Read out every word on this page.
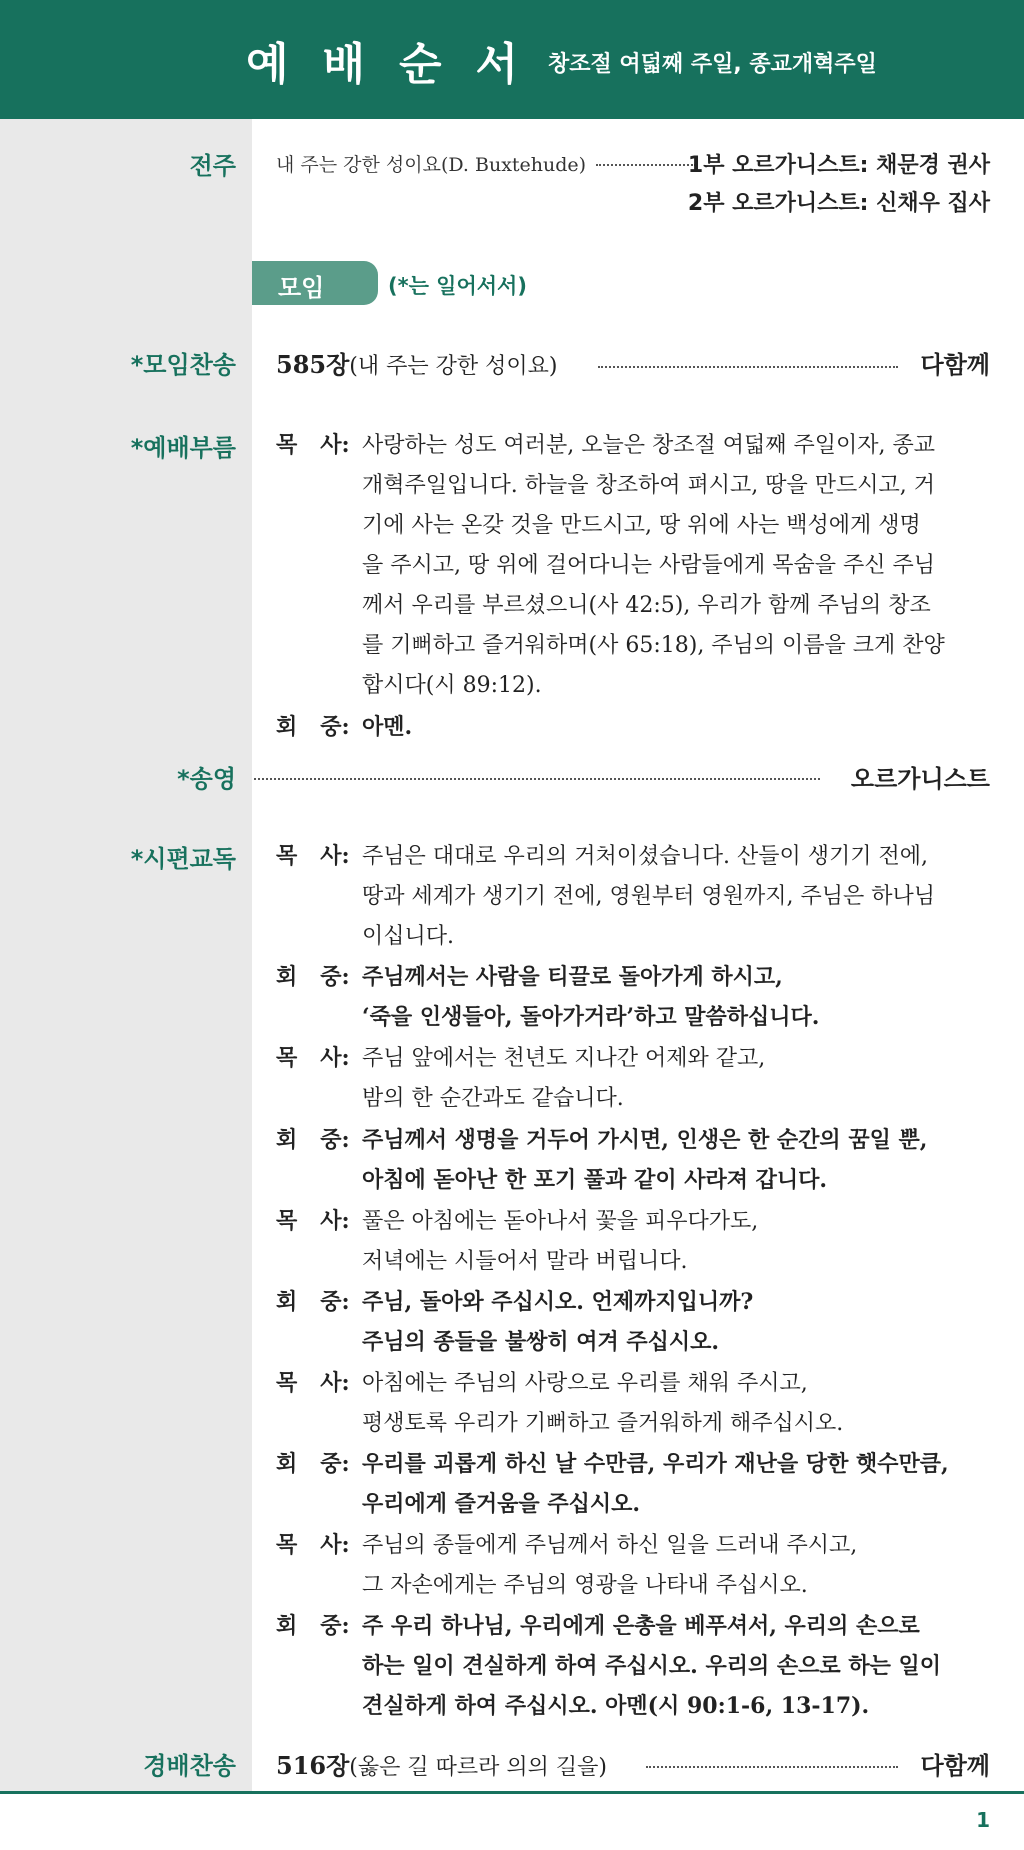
예배순서
창조절 여덟째 주일, 종교개혁주일
전주 내 주는 강한 성이요(D. Buxtehude)	1부 오르가니스트: 채문경 권사
2부 오르가니스트: 신채우 집사
모임	(*는 일어서서)
*모임찬송 585장(내 주는 강한 성이요)	다함께
*예배부름 목   사: 사랑하는 성도 여러분, 오늘은 창조절 여덟째 주일이자, 종교
개혁주일입니다. 하늘을 창조하여 펴시고, 땅을 만드시고, 거
기에 사는 온갖 것을 만드시고, 땅 위에 사는 백성에게 생명
을 주시고, 땅 위에 걸어다니는 사람들에게 목숨을 주신 주님
께서 우리를 부르셨으니(사 42:5), 우리가 함께 주님의 창조
를 기뻐하고 즐거워하며(사 65:18), 주님의 이름을 크게 찬양
합시다(시 89:12).
회   중: 아멘.
*송영	오르가니스트
*시편교독 목   사: 주님은 대대로 우리의 거처이셨습니다. 산들이 생기기 전에,
땅과 세계가 생기기 전에, 영원부터 영원까지, 주님은 하나님
이십니다.
회   중: 주님께서는 사람을 티끌로 돌아가게 하시고,
‘죽을 인생들아, 돌아가거라’하고 말씀하십니다.
목   사: 주님 앞에서는 천년도 지나간 어제와 같고,
밤의 한 순간과도 같습니다.
회   중: 주님께서 생명을 거두어 가시면, 인생은 한 순간의 꿈일 뿐,
아침에 돋아난 한 포기 풀과 같이 사라져 갑니다.
목   사: 풀은 아침에는 돋아나서 꽃을 피우다가도,
저녁에는 시들어서 말라 버립니다.
회   중: 주님, 돌아와 주십시오. 언제까지입니까?
주님의 종들을 불쌍히 여겨 주십시오.
목   사: 아침에는 주님의 사랑으로 우리를 채워 주시고,
평생토록 우리가 기뻐하고 즐거워하게 해주십시오.
회   중: 우리를 괴롭게 하신 날 수만큼, 우리가 재난을 당한 햇수만큼,
우리에게 즐거움을 주십시오.
목   사: 주님의 종들에게 주님께서 하신 일을 드러내 주시고,
그 자손에게는 주님의 영광을 나타내 주십시오.
회   중: 주 우리 하나님, 우리에게 은총을 베푸셔서, 우리의 손으로
하는 일이 견실하게 하여 주십시오. 우리의 손으로 하는 일이
견실하게 하여 주십시오. 아멘(시 90:1-6, 13-17).
경배찬송 516장(옳은 길 따르라 의의 길을)	다함께
1
